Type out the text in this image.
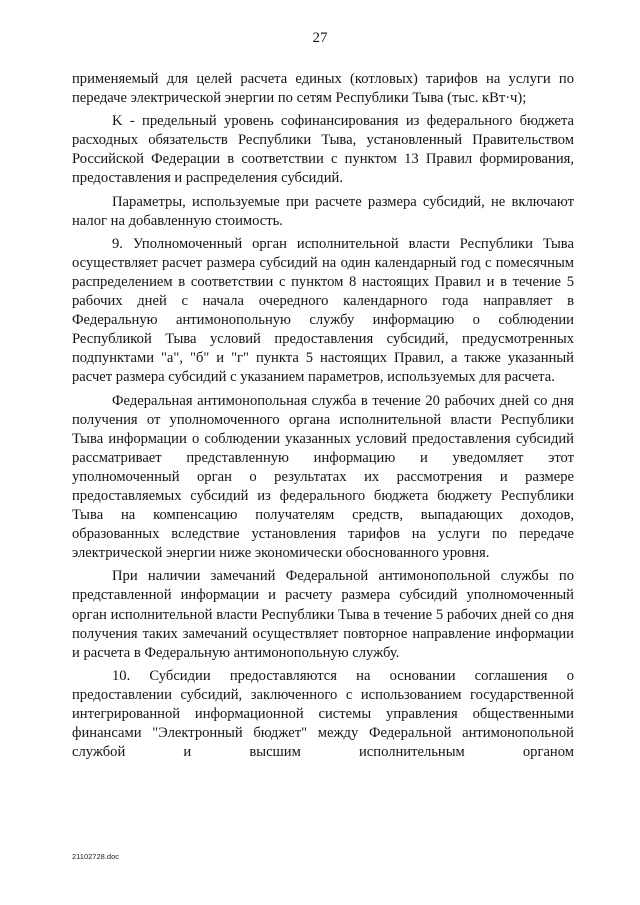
27

применяемый для целей расчета единых (котловых) тарифов на услуги по передаче электрической энергии по сетям Республики Тыва (тыс. кВт·ч);

K - предельный уровень софинансирования из федерального бюджета расходных обязательств Республики Тыва, установленный Правительством Российской Федерации в соответствии с пунктом 13 Правил формирования, предоставления и распределения субсидий.

Параметры, используемые при расчете размера субсидий, не включают налог на добавленную стоимость.

9. Уполномоченный орган исполнительной власти Республики Тыва осуществляет расчет размера субсидий на один календарный год с помесячным распределением в соответствии с пунктом 8 настоящих Правил и в течение 5 рабочих дней с начала очередного календарного года направляет в Федеральную антимонопольную службу информацию о соблюдении Республикой Тыва условий предоставления субсидий, предусмотренных подпунктами "а", "б" и "г" пункта 5 настоящих Правил, а также указанный расчет размера субсидий с указанием параметров, используемых для расчета.

Федеральная антимонопольная служба в течение 20 рабочих дней со дня получения от уполномоченного органа исполнительной власти Республики Тыва информации о соблюдении указанных условий предоставления субсидий рассматривает представленную информацию и уведомляет этот уполномоченный орган о результатах их рассмотрения и размере предоставляемых субсидий из федерального бюджета бюджету Республики Тыва на компенсацию получателям средств, выпадающих доходов, образованных вследствие установления тарифов на услуги по передаче электрической энергии ниже экономически обоснованного уровня.

При наличии замечаний Федеральной антимонопольной службы по представленной информации и расчету размера субсидий уполномоченный орган исполнительной власти Республики Тыва в течение 5 рабочих дней со дня получения таких замечаний осуществляет повторное направление информации и расчета в Федеральную антимонопольную службу.

10. Субсидии предоставляются на основании соглашения о предоставлении субсидий, заключенного с использованием государственной интегрированной информационной системы управления общественными финансами "Электронный бюджет" между Федеральной антимонопольной службой и высшим исполнительным органом

21102728.doc
